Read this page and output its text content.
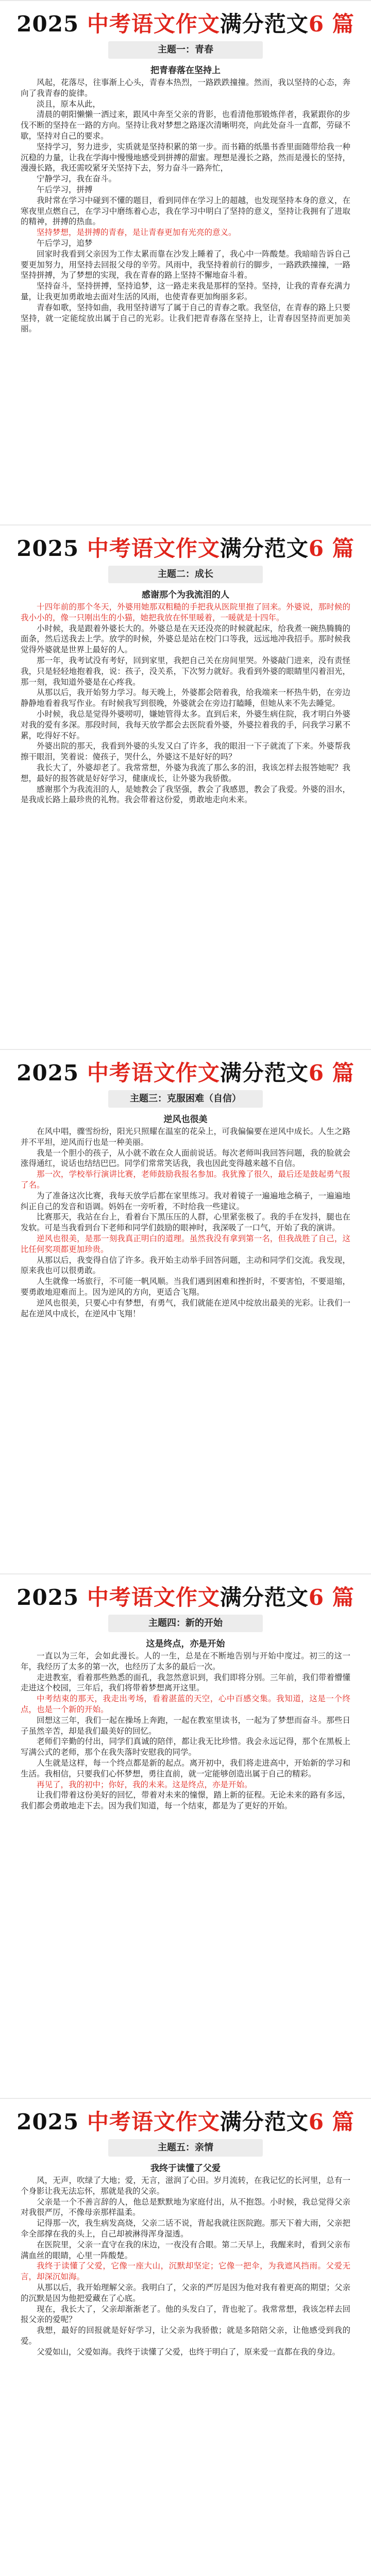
2025 中考语文作文满分范文6 篇
主题一：青春
把青春落在坚持上

风起，花落尽，往事渐上心头，青春本热烈，一路跌跌撞撞。然而，我以坚持的心态，奔向了我青春的旋律。

淡且，原本从此，

清晨的朝阳懒懒一洒过来，跟风中奔至父亲的背影，也看清他那锻炼伴者，我紧跟你的步伐不断的坚持在一路的方向。坚持让我对梦想之路逐次清晰明亮，向此处奋斗一直都，劳碌不歇，坚持对自己的要求。

坚持学习，努力进步，实质就是坚持积累的第一步。而书籍的纸墨书香里面随带给我一种沉稳的力量，让我在学海中慢慢地感受到拼搏的甜蜜。理想是漫长之路，然而是漫长的坚持，漫漫长路，我还需咬紧牙关坚持下去，努力奋斗一路奔忙，

宁静学习，我在奋斗。

午后学习，拼搏

我时常在学习中碰到不懂的题目，看到同伴在学习上的超越，也发现坚持本身的意义，在寒夜里点燃自己，在学习中磨练着心志，我在学习中明白了坚持的意义，坚持让我拥有了进取的精神，拼搏的热血。

坚持梦想，是拼搏的青春，是让青春更加有光亮的意义。

午后学习，追梦

回家时我看到父亲因为工作太累而靠在沙发上睡着了，我心中一阵酸楚。我暗暗告诉自己要更加努力，用坚持去回报父母的辛劳。风雨中，我坚持着前行的脚步，一路跌跌撞撞，一路坚持拼搏，为了梦想的实现，我在青春的路上坚持不懈地奋斗着。

坚持奋斗，坚持拼搏，坚持追梦，这一路走来我是那样的坚持。坚持，让我的青春充满力量，让我更加勇敢地去面对生活的风雨，也使青春更加绚丽多彩。

青春如歌，坚持如曲，我用坚持谱写了属于自己的青春之歌。我坚信，在青春的路上只要坚持，就一定能绽放出属于自己的光彩。让我们把青春落在坚持上，让青春因坚持而更加美丽。

2025 中考语文作文满分范文6 篇
主题二：成长
感谢那个为我流泪的人

十四年前的那个冬天，外婆用她那双粗糙的手把我从医院里抱了回来。外婆说，那时候的我小小的，像一只刚出生的小猫，她把我放在怀里暖着，一暖就是十四年。

小时候，我是跟着外婆长大的。外婆总是在天还没亮的时候就起床，给我煮一碗热腾腾的面条，然后送我去上学。放学的时候，外婆总是站在校门口等我，远远地冲我招手。那时候我觉得外婆就是世界上最好的人。

那一年，我考试没有考好，回到家里，我把自己关在房间里哭。外婆敲门进来，没有责怪我，只是轻轻地抱着我，说：孩子，没关系，下次努力就好。我看到外婆的眼睛里闪着泪光，那一刻，我知道外婆是在心疼我。

从那以后，我开始努力学习。每天晚上，外婆都会陪着我，给我端来一杯热牛奶，在旁边静静地看着我写作业。有时候我写到很晚，外婆就会在旁边打瞌睡，但她从来不先去睡觉。

小时候，我总是觉得外婆唠叨，嫌她管得太多。直到后来，外婆生病住院，我才明白外婆对我的爱有多深。那段时间，我每天放学都会去医院看外婆，外婆拉着我的手，问我学习累不累，吃得好不好。

外婆出院的那天，我看到外婆的头发又白了许多，我的眼泪一下子就流了下来。外婆帮我擦干眼泪，笑着说：傻孩子，哭什么，外婆这不是好好的吗？

我长大了，外婆却老了。我常常想，外婆为我流了那么多的泪，我该怎样去报答她呢？我想，最好的报答就是好好学习，健康成长，让外婆为我骄傲。

感谢那个为我流泪的人，是她教会了我坚强，教会了我感恩，教会了我爱。外婆的泪水，是我成长路上最珍贵的礼物。我会带着这份爱，勇敢地走向未来。

2025 中考语文作文满分范文6 篇
主题三：克服困难（自信）
逆风也很美

在风中唱，骤雪纷纷，阳光只照耀在温室的花朵上，可我偏偏要在逆风中成长。人生之路并不平坦，逆风而行也是一种美丽。

我是一个胆小的孩子，从小就不敢在众人面前说话。每次老师叫我回答问题，我的脸就会涨得通红，说话也结结巴巴。同学们常常笑话我，我也因此变得越来越不自信。

那一次，学校举行演讲比赛，老师鼓励我报名参加。我犹豫了很久，最后还是鼓起勇气报了名。

为了准备这次比赛，我每天放学后都在家里练习。我对着镜子一遍遍地念稿子，一遍遍地纠正自己的发音和语调。妈妈在一旁听着，不时给我一些建议。

比赛那天，我站在台上，看着台下黑压压的人群，心里紧张极了。我的手在发抖，腿也在发软。可是当我看到台下老师和同学们鼓励的眼神时，我深吸了一口气，开始了我的演讲。

逆风也很美，是那一刻我真正明白的道理。虽然我没有拿到第一名，但我战胜了自己，这比任何奖项都更加珍贵。

从那以后，我变得自信了许多。我开始主动举手回答问题，主动和同学们交流。我发现，原来我也可以很勇敢。

人生就像一场旅行，不可能一帆风顺。当我们遇到困难和挫折时，不要害怕，不要退缩，要勇敢地迎难而上。因为逆风的方向，更适合飞翔。

逆风也很美，只要心中有梦想，有勇气，我们就能在逆风中绽放出最美的光彩。让我们一起在逆风中成长，在逆风中飞翔！

2025 中考语文作文满分范文6 篇
主题四：新的开始
这是终点，亦是开始

一直以为三年，会如此漫长。人的一生，总是在不断地告别与开始中度过。初三的这一年，我经历了太多的第一次，也经历了太多的最后一次。

走进教室，看着那些熟悉的面孔，我忽然意识到，我们即将分别。三年前，我们带着懵懂走进这个校园，三年后，我们将带着梦想离开这里。

中考结束的那天，我走出考场，看着湛蓝的天空，心中百感交集。我知道，这是一个终点，也是一个新的开始。

回想这三年，我们一起在操场上奔跑，一起在教室里读书，一起为了梦想而奋斗。那些日子虽然辛苦，却是我们最美好的回忆。

老师们辛勤的付出，同学们真诚的陪伴，都让我无比珍惜。我会永远记得，那个在黑板上写满公式的老师，那个在我失落时安慰我的同学。

人生就是这样，每一个终点都是新的起点。离开初中，我们将走进高中，开始新的学习和生活。我相信，只要我们心怀梦想，勇往直前，就一定能够创造出属于自己的精彩。

再见了，我的初中；你好，我的未来。这是终点，亦是开始。

让我们带着这份美好的回忆，带着对未来的憧憬，踏上新的征程。无论未来的路有多远，我们都会勇敢地走下去。因为我们知道，每一个结束，都是为了更好的开始。

2025 中考语文作文满分范文6 篇
主题五：亲情
我终于读懂了父爱

风，无声，吹绿了大地；爱，无言，滋润了心田。岁月流转，在我记忆的长河里，总有一个身影让我无法忘怀，那就是我的父亲。

父亲是一个不善言辞的人，他总是默默地为家庭付出，从不抱怨。小时候，我总觉得父亲对我很严厉，不像母亲那样温柔。

记得那一次，我生病发高烧，父亲二话不说，背起我就往医院跑。那天下着大雨，父亲把伞全部撑在我的头上，自己却被淋得浑身湿透。

在医院里，父亲一直守在我的床边，一夜没有合眼。第二天早上，我醒来时，看到父亲布满血丝的眼睛，心里一阵酸楚。

我终于读懂了父爱，它像一座大山，沉默却坚定；它像一把伞，为我遮风挡雨。父爱无言，却深沉如海。

从那以后，我开始理解父亲。我明白了，父亲的严厉是因为他对我有着更高的期望；父亲的沉默是因为他把爱藏在了心底。

现在，我长大了，父亲却渐渐老了。他的头发白了，背也驼了。我常常想，我该怎样去回报父亲的爱呢？

我想，最好的回报就是好好学习，让父亲为我骄傲；就是多陪陪父亲，让他感受到我的爱。

父爱如山，父爱如海。我终于读懂了父爱，也终于明白了，原来爱一直都在我的身边。
